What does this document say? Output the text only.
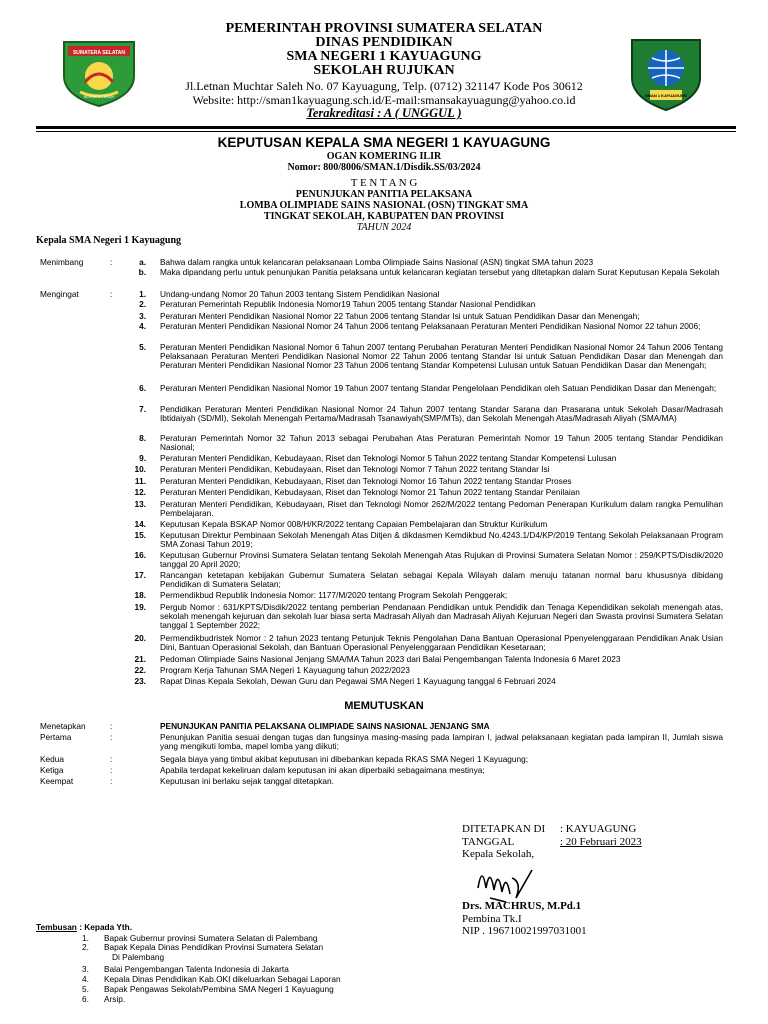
SUMATERA SELATAN
BERSATU TEGUH	SMAN 1 KAYUAGUNG
PEMERINTAH PROVINSI SUMATERA SELATAN
DINAS PENDIDIKAN
SMA NEGERI 1 KAYUAGUNG
SEKOLAH RUJUKAN
Jl.Letnan Muchtar Saleh No. 07 Kayuagung, Telp. (0712) 321147 Kode Pos 30612
Website: http://sman1kayuagung.sch.id/E-mail:smansakayuagung@yahoo.co.id
Terakreditasi : A ( UNGGUL )
KEPUTUSAN KEPALA SMA NEGERI 1 KAYUAGUNG
OGAN KOMERING ILIR
Nomor: 800/8006/SMAN.1/Disdik.SS/03/2024
T E N T A N G
PENUNJUKAN PANITIA PELAKSANA
LOMBA OLIMPIADE SAINS NASIONAL (OSN) TINGKAT SMA
TINGKAT SEKOLAH, KABUPATEN DAN PROVINSI
TAHUN 2024
Kepala SMA Negeri 1 Kayuagung
Menimbang	:	a. Bahwa dalam rangka untuk kelancaran pelaksanaan Lomba Olimpiade Sains Nasional (ASN) tingkat SMA tahun 2023
b. Maka dipandang perlu untuk penunjukan Panitia pelaksana untuk kelancaran kegiatan tersebut yang ditetapkan dalam Surat Keputusan Kepala Sekolah
Mengingat	:	1. Undang-undang Nomor 20 Tahun 2003 tentang Sistem Pendidikan Nasional
2. Peraturan Pemerintah Republik Indonesia Nomor19 Tahun 2005 tentang Standar Nasional Pendidikan
3. Peraturan Menteri Pendidikan Nasional Nomor 22 Tahun 2006 tentang Standar Isi untuk Satuan Pendidikan Dasar dan Menengah;
4. Peraturan Menteri Pendidikan Nasional Nomor 24 Tahun 2006 tentang Pelaksanaan Peraturan Menteri Pendidikan Nasional Nomor 22 tahun 2006;
5. Peraturan Menteri Pendidikan Nasional Nomor 6 Tahun 2007 tentang Perubahan Peraturan Menteri Pendidikan Nasional Nomor 24 Tahun 2006 Tentang Pelaksanaan Peraturan Menteri Pendidikan Nasional Nomor 22 Tahun 2006 tentang Standar Isi untuk Satuan Pendidikan Dasar dan Menengah dan Peraturan Menteri Pendidikan Nasional Nomor 23 Tahun 2006 tentang Standar Kompetensi Lulusan untuk Satuan Pendidikan Dasar dan Menengah;
6. Peraturan Menteri Pendidikan Nasional Nomor 19 Tahun 2007 tentang Standar Pengelolaan Pendidikan oleh Satuan Pendidikan Dasar dan Menengah;
7. Pendidikan Peraturan Menteri Pendidikan Nasional Nomor 24 Tahun 2007 tentang Standar Sarana dan Prasarana untuk Sekolah Dasar/Madrasah Ibtidaiyah (SD/MI), Sekolah Menengah Pertama/Madrasah Tsanawiyah(SMP/MTs), dan Sekolah Menengah Atas/Madrasah Aliyah (SMA/MA)
8. Peraturan Pemerintah Nomor 32 Tahun 2013 sebagai Perubahan Atas Peraturan Pemerintah Nomor 19 Tahun 2005 tentang Standar Pendidikan Nasional;
9. Peraturan Menteri Pendidikan, Kebudayaan, Riset dan Teknologi Nomor 5 Tahun 2022 tentang Standar Kompetensi Lulusan
10. Peraturan Menteri Pendidikan, Kebudayaan, Riset dan Teknologi Nomor 7 Tahun 2022 tentang Standar Isi
11. Peraturan Menteri Pendidikan, Kebudayaan, Riset dan Teknologi Nomor 16 Tahun 2022 tentang Standar Proses
12. Peraturan Menteri Pendidikan, Kebudayaan, Riset dan Teknologi Nomor 21 Tahun 2022 tentang Standar Penilaian
13. Peraturan Menteri Pendidikan, Kebudayaan, Riset dan Teknologi Nomor 262/M/2022 tentang Pedoman Penerapan Kurikulum dalam rangka Pemulihan Pembelajaran.
14. Keputusan Kepala BSKAP Nomor 008/H/KR/2022 tentang Capaian Pembelajaran dan Struktur Kurikulum
15. Keputusan Direktur Pembinaan Sekolah Menengah Atas Ditjen & dikdasmen Kemdikbud No.4243.1/D4/KP/2019 Tentang Sekolah Pelaksanaan Program SMA Zonasi Tahun 2019;
16. Keputusan Gubernur Provinsi Sumatera Selatan tentang Sekolah Menengah Atas Rujukan di Provinsi Sumatera Selatan Nomor : 259/KPTS/Disdik/2020 tanggal 20 April 2020;
17. Rancangan ketetapan kebijakan Gubernur Sumatera Selatan sebagai Kepala Wilayah dalam menuju tatanan normal baru khususnya dibidang Pendidikan di Sumatera Selatan;
18. Permendikbud Republik Indonesia Nomor: 1177/M/2020 tentang Program Sekolah Penggerak;
19. Pergub Nomor : 631/KPTS/Disdik/2022 tentang pemberian Pendanaan Pendidikan untuk Pendidik dan Tenaga Kependidikan sekolah menengah atas, sekolah menengah kejuruan dan sekolah luar biasa serta Madrasah Aliyah dan Madrasah Aliyah Kejuruan Negeri dan Swasta provinsi Sumatera Selatan tanggal 1 September 2022;
20. Permendikbudristek Nomor : 2 tahun 2023 tentang Petunjuk Teknis Pengolahan Dana Bantuan Operasional Ppenyelenggaraan Pendidikan Anak Usian Dini, Bantuan Operasional Sekolah, dan Bantuan Operasional Penyelenggaraan Pendidikan Kesetaraan;
21. Pedoman Olimpiade Sains Nasional Jenjang SMA/MA Tahun 2023 dari Balai Pengembangan Talenta Indonesia 6 Maret 2023
22. Program Kerja Tahunan SMA Negeri 1 Kayuagung tahun 2022/2023
23. Rapat Dinas Kepala Sekolah, Dewan Guru dan Pegawai SMA Negeri 1 Kayuagung tanggal 6 Februari 2024
MEMUTUSKAN
Menetapkan	:	PENUNJUKAN PANITIA PELAKSANA OLIMPIADE SAINS NASIONAL JENJANG SMA
Pertama	:	Penunjukan Panitia sesuai dengan tugas dan fungsinya masing-masing pada lampiran I, jadwal pelaksanaan kegiatan pada lampiran II, Jumlah siswa yang mengikuti lomba, mapel lomba yang diikuti;
Kedua	:	Segala biaya yang timbul akibat keputusan ini dibebankan kepada RKAS SMA Negeri 1 Kayuagung;
Ketiga	:	Apabila terdapat kekeliruan dalam keputusan ini akan diperbaiki sebagaimana mestinya;
Keempat	:	Keputusan ini berlaku sejak tanggal ditetapkan.
DITETAPKAN DI : KAYUAGUNG
TANGGAL	: 20 Februari 2023
Kepala Sekolah,
Drs. MACHRUS, M.Pd.1
Pembina Tk.I
NIP . 196710021997031001
Tembusan : Kepada Yth.
1. Bapak Gubernur provinsi Sumatera Selatan di Palembang
2. Bapak Kepala Dinas Pendidikan Provinsi Sumatera Selatan
Di Palembang
3. Balai Pengembangan Talenta Indonesia di Jakarta
4. Kepala Dinas Pendidikan Kab.OKI dikeluarkan Sebagai Laporan
5. Bapak Pengawas Sekolah/Pembina SMA Negeri 1 Kayuagung
6. Arsip.
